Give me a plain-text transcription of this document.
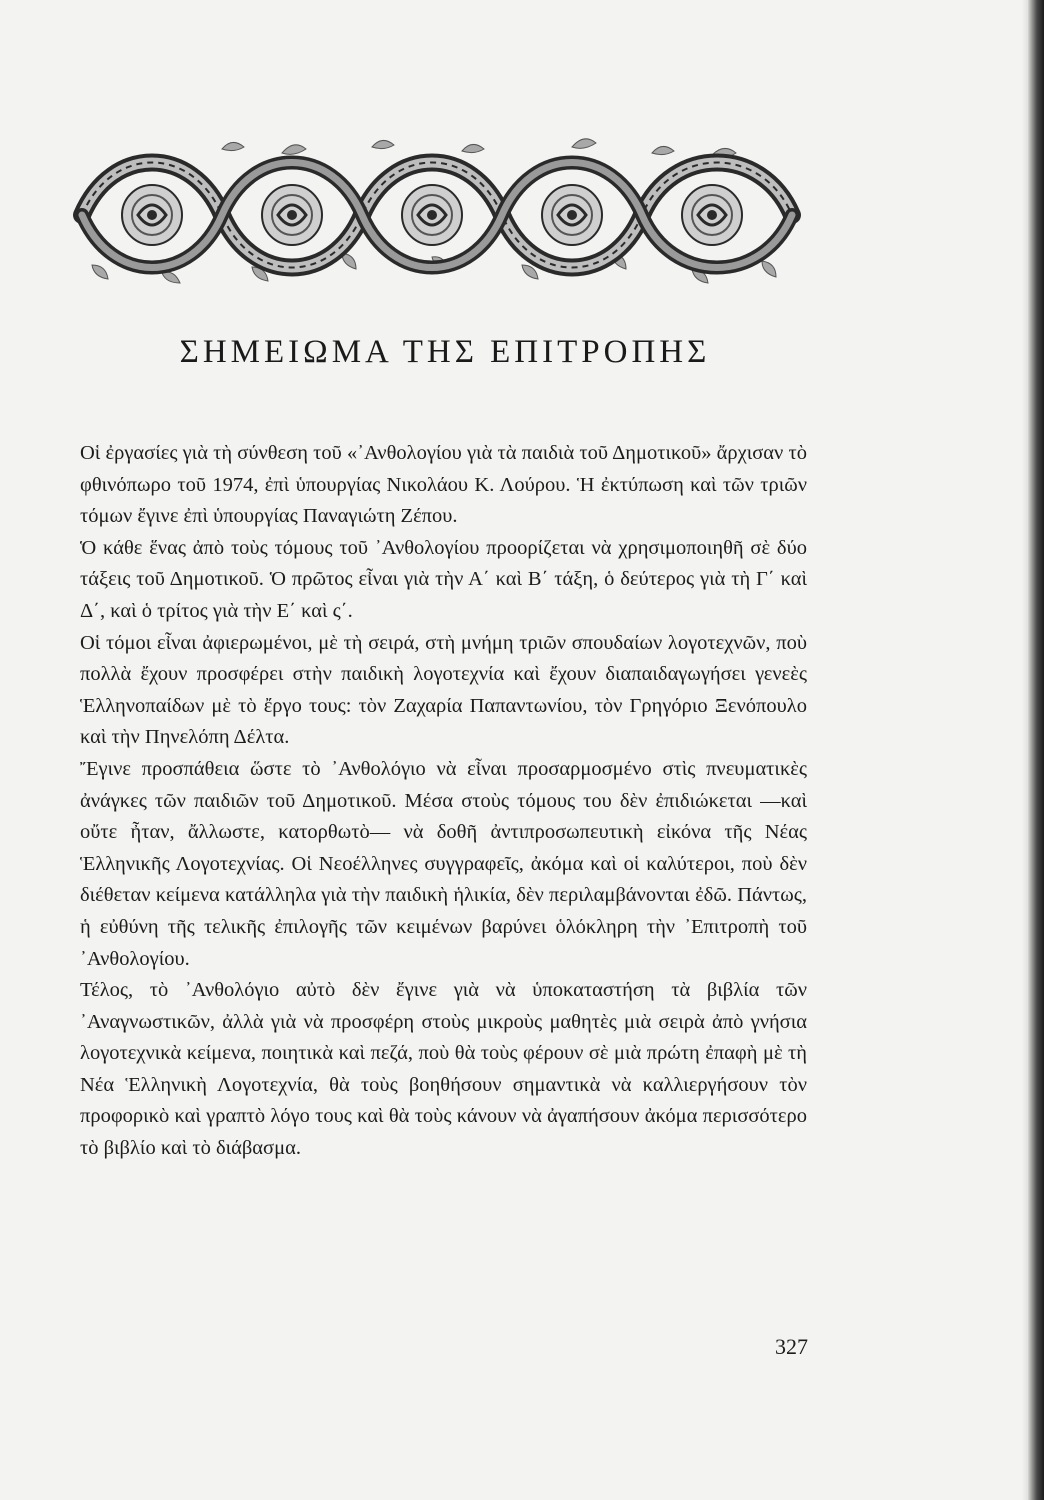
ΣΗΜΕΙΩΜΑ ΤΗΣ ΕΠΙΤΡΟΠΗΣ

Οἱ ἐργασίες γιὰ τὴ σύνθεση τοῦ «᾿Ανθολογίου γιὰ τὰ παιδιὰ τοῦ Δημοτικοῦ» ἄρχισαν τὸ φθινόπωρο τοῦ 1974, ἐπὶ ὑπουργίας Νικολάου Κ. Λούρου. Ἡ ἐκτύπωση καὶ τῶν τριῶν τόμων ἔγινε ἐπὶ ὑπουργίας Παναγιώτη Ζέπου.

Ὁ κάθε ἕνας ἀπὸ τοὺς τόμους τοῦ ᾿Ανθολογίου προορίζεται νὰ χρησιμοποιηθῆ σὲ δύο τάξεις τοῦ Δημοτικοῦ. Ὁ πρῶτος εἶναι γιὰ τὴν Α΄ καὶ Β΄ τάξη, ὁ δεύτερος γιὰ τὴ Γ΄ καὶ Δ΄, καὶ ὁ τρίτος γιὰ τὴν Ε΄ καὶ ς΄.

Οἱ τόμοι εἶναι ἀφιερωμένοι, μὲ τὴ σειρά, στὴ μνήμη τριῶν σπουδαίων λογοτεχνῶν, ποὺ πολλὰ ἔχουν προσφέρει στὴν παιδικὴ λογοτεχνία καὶ ἔχουν διαπαιδαγωγήσει γενεὲς Ἑλληνοπαίδων μὲ τὸ ἔργο τους: τὸν Ζαχαρία Παπαντωνίου, τὸν Γρηγόριο Ξενόπουλο καὶ τὴν Πηνελόπη Δέλτα.

Ἔγινε προσπάθεια ὥστε τὸ ᾿Ανθολόγιο νὰ εἶναι προσαρμοσμένο στὶς πνευματικὲς ἀνάγκες τῶν παιδιῶν τοῦ Δημοτικοῦ. Μέσα στοὺς τόμους του δὲν ἐπιδιώκεται —καὶ οὔτε ἦταν, ἄλλωστε, κατορθωτὸ— νὰ δοθῆ ἀντιπροσωπευτικὴ εἰκόνα τῆς Νέας Ἑλληνικῆς Λογοτεχνίας. Οἱ Νεοέλληνες συγγραφεῖς, ἀκόμα καὶ οἱ καλύτεροι, ποὺ δὲν διέθεταν κείμενα κατάλληλα γιὰ τὴν παιδικὴ ἡλικία, δὲν περιλαμβάνονται ἐδῶ. Πάντως, ἡ εὐθύνη τῆς τελικῆς ἐπιλογῆς τῶν κειμένων βαρύνει ὁλόκληρη τὴν ᾿Επιτροπὴ τοῦ ᾿Ανθολογίου.

Τέλος, τὸ ᾿Ανθολόγιο αὐτὸ δὲν ἔγινε γιὰ νὰ ὑποκαταστήση τὰ βιβλία τῶν ᾿Αναγνωστικῶν, ἀλλὰ γιὰ νὰ προσφέρη στοὺς μικροὺς μαθητὲς μιὰ σειρὰ ἀπὸ γνήσια λογοτεχνικὰ κείμενα, ποιητικὰ καὶ πεζά, ποὺ θὰ τοὺς φέρουν σὲ μιὰ πρώτη ἐπαφὴ μὲ τὴ Νέα Ἑλληνικὴ Λογοτεχνία, θὰ τοὺς βοηθήσουν σημαντικὰ νὰ καλλιεργήσουν τὸν προφορικὸ καὶ γραπτὸ λόγο τους καὶ θὰ τοὺς κάνουν νὰ ἀγαπήσουν ἀκόμα περισσότερο τὸ βιβλίο καὶ τὸ διάβασμα.

327
